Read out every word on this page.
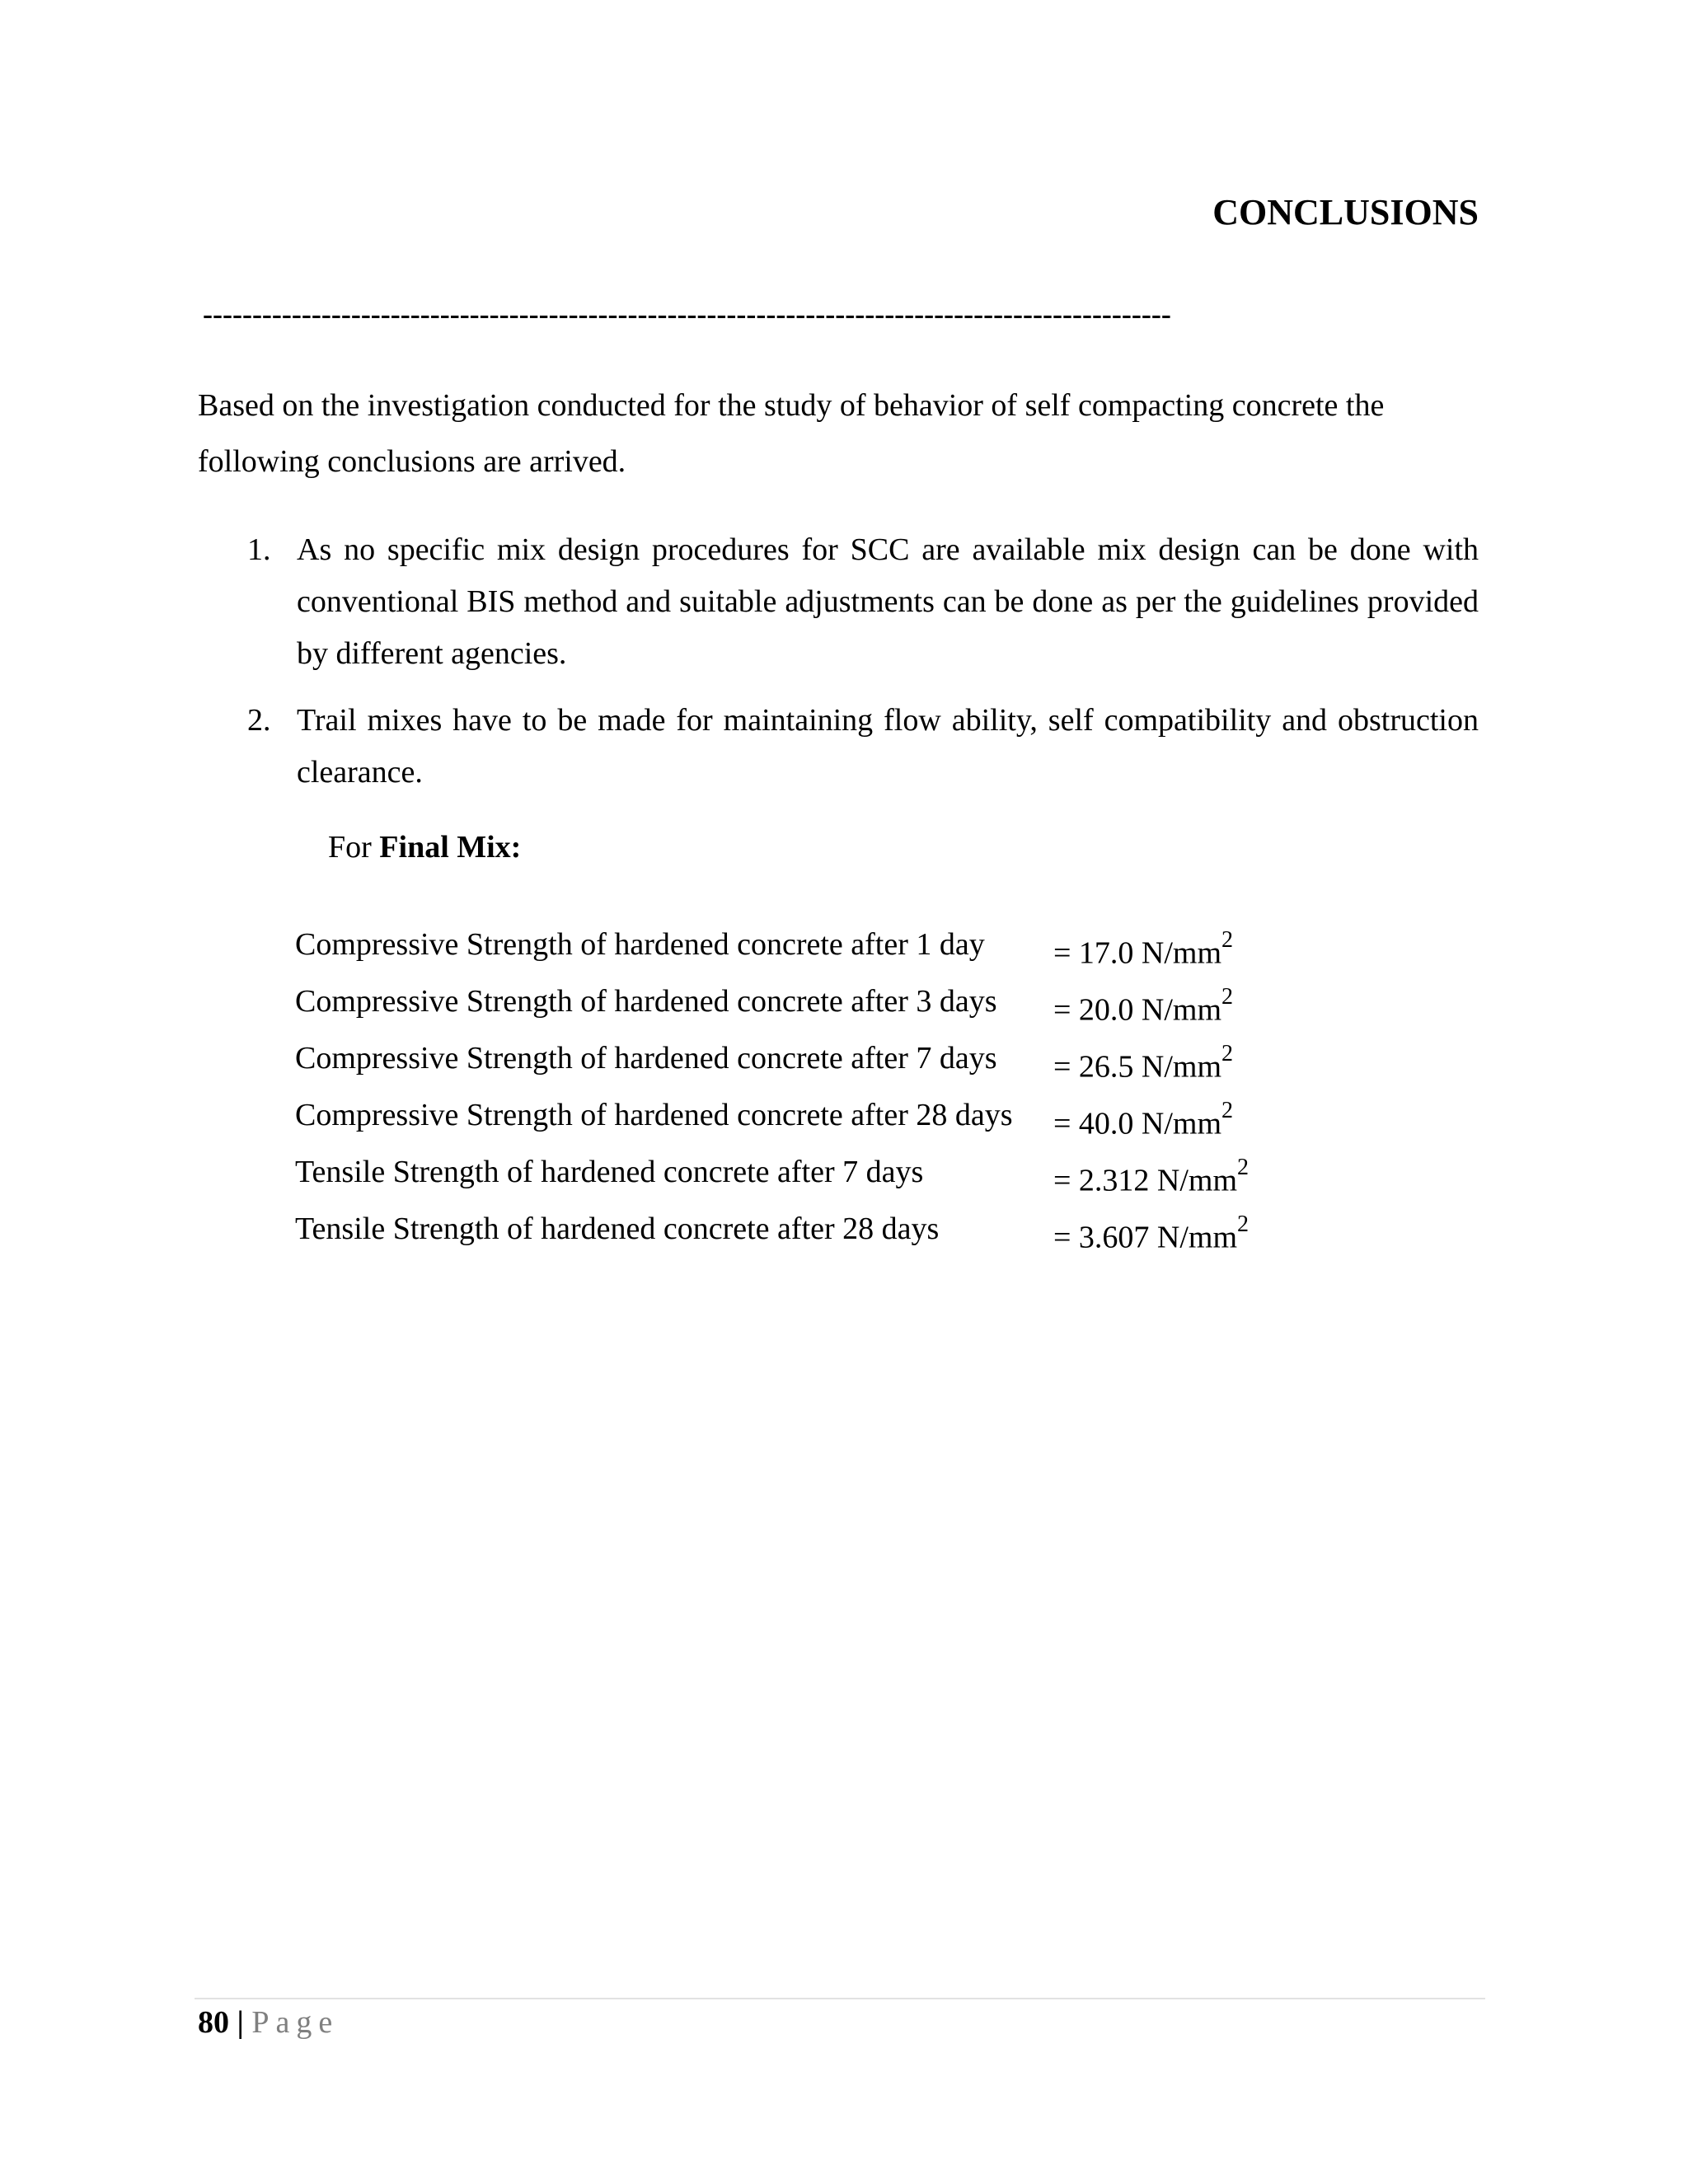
CONCLUSIONS
--------------------------------------------------------------------------------------------------

Based on the investigation conducted for the study of behavior of self compacting concrete the following conclusions are arrived.

1. As no specific mix design procedures for SCC are available mix design can be done with conventional BIS method and suitable adjustments can be done as per the guidelines provided by different agencies.
2. Trail mixes have to be made for maintaining flow ability, self compatibility and obstruction clearance.
For Final Mix:
Compressive Strength of hardened concrete after 1 day = 17.0 $N/mm^2$
Compressive Strength of hardened concrete after 3 days = 20.0 $N/mm^2$
Compressive Strength of hardened concrete after 7 days = 26.5 $N/mm^2$
Compressive Strength of hardened concrete after 28 days = 40.0 $N/mm^2$
Tensile Strength of hardened concrete after 7 days	= 2.312 $N/mm^2$
Tensile Strength of hardened concrete after 28 days	= 3.607 $N/mm^2$
80 | Page
